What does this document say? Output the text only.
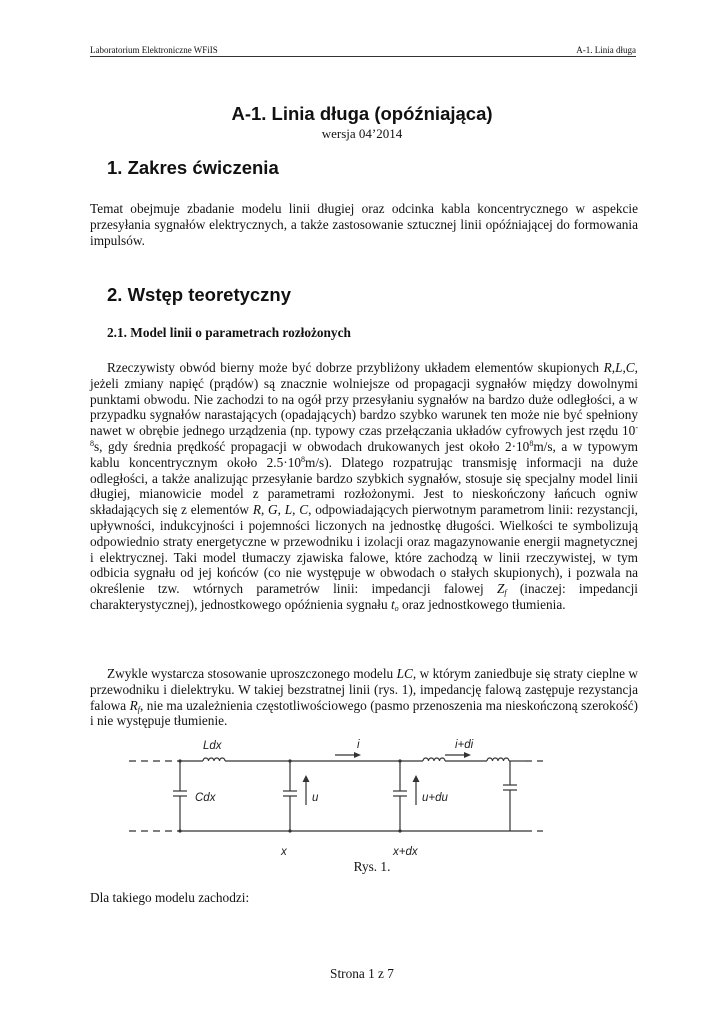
Laboratorium Elektroniczne WFiIS	A-1. Linia długa
A-1. Linia długa (opóźniająca)
wersja 04’2014
1. Zakres ćwiczenia

Temat obejmuje zbadanie modelu linii długiej oraz odcinka kabla koncentrycznego w aspekcie przesyłania sygnałów elektrycznych, a także zastosowanie sztucznej linii opóźniającej do formowania impulsów.

2. Wstęp teoretyczny
2.1. Model linii o parametrach rozłożonych

Rzeczywisty obwód bierny może być dobrze przybliżony układem elementów skupionych R,L,C, jeżeli zmiany napięć (prądów) są znacznie wolniejsze od propagacji sygnałów między dowolnymi punktami obwodu. Nie zachodzi to na ogół przy przesyłaniu sygnałów na bardzo duże odległości, a w przypadku sygnałów narastających (opadających) bardzo szybko warunek ten może nie być spełniony nawet w obrębie jednego urządzenia (np. typowy czas przełączania układów cyfrowych jest rzędu $10^{-8}s$, gdy średnia prędkość propagacji w obwodach drukowanych jest około $2\cdot 10^8m/s$, a w typowym kablu koncentrycznym około $2.5\cdot 10^8m/s$). Dlatego rozpatrując transmisję informacji na duże odległości, a także analizując przesyłanie bardzo szybkich sygnałów, stosuje się specjalny model linii długiej, mianowicie model z parametrami rozłożonymi. Jest to nieskończony łańcuch ogniw składających się z elementów R, G, L, C, odpowiadających pierwotnym parametrom linii: rezystancji, upływności, indukcyjności i pojemności liczonych na jednostkę długości. Wielkości te symbolizują odpowiednio straty energetyczne w przewodniku i izolacji oraz magazynowanie energii magnetycznej i elektrycznej. Taki model tłumaczy zjawiska falowe, które zachodzą w linii rzeczywistej, w tym odbicia sygnału od jej końców (co nie występuje w obwodach o stałych skupionych), i pozwala na określenie tzw. wtórnych parametrów linii: impedancji falowej $Z_f$ (inaczej: impedancji charakterystycznej), jednostkowego opóźnienia sygnału $t_o$ oraz jednostkowego tłumienia.

Zwykle wystarcza stosowanie uproszczonego modelu LC, w którym zaniedbuje się straty cieplne w przewodniku i dielektryku. W takiej bezstratnej linii (rys. 1), impedancję falową zastępuje rezystancja falowa $R_f$, nie ma uzależnienia częstotliwościowego (pasmo przenoszenia ma nieskończoną szerokość) i nie występuje tłumienie.

Ldx
Cdx
i	i+di
u	u+du
x	x+dx
Rys. 1.

Dla takiego modelu zachodzi:

Strona 1 z 7
